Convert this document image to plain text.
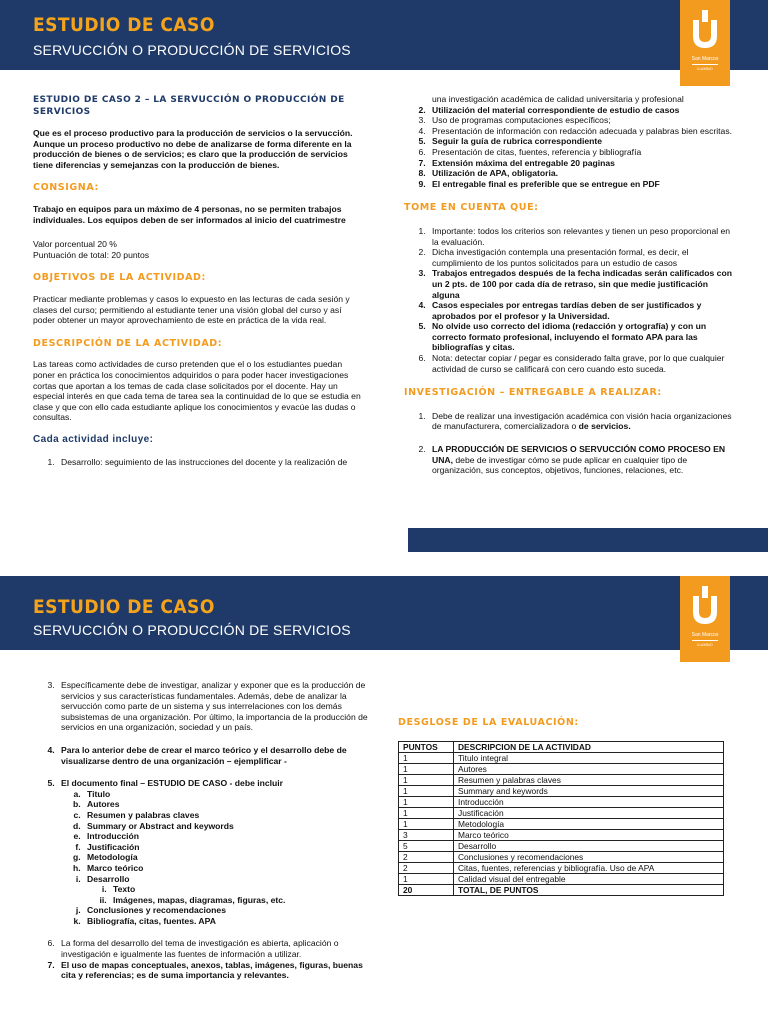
ESTUDIO DE CASO
SERVUCCIÓN O PRODUCCIÓN DE SERVICIOS
San Marcos
ILUMNO

ESTUDIO DE CASO 2 – LA SERVUCCIÓN O PRODUCCIÓN DE SERVICIOS

Que es el proceso productivo para la producción de servicios o la servucción. Aunque un proceso productivo no debe de analizarse de forma diferente en la producción de bienes o de servicios; es claro que la producción de servicios tiene diferencias y semejanzas con la producción de bienes.

CONSIGNA:

Trabajo en equipos para un máximo de 4 personas, no se permiten trabajos individuales. Los equipos deben de ser informados al inicio del cuatrimestre

Valor porcentual 20 %

Puntuación de total: 20 puntos

OBJETIVOS DE LA ACTIVIDAD:

Practicar mediante problemas y casos lo expuesto en las lecturas de cada sesión y clases del curso; permitiendo al estudiante tener una visión global del curso y así poder obtener un mayor aprovechamiento de este en práctica de la vida real.

DESCRIPCIÓN DE LA ACTIVIDAD:

Las tareas como actividades de curso pretenden que el o los estudiantes puedan poner en práctica los conocimientos adquiridos o para poder hacer investigaciones cortas que aportan a los temas de cada clase solicitados por el docente. Hay un especial interés en que cada tema de tarea sea la continuidad de lo que se estudia en clase y que con ello cada estudiante aplique los conocimientos y evacúe las dudas o consultas.

Cada actividad incluye:

1. Desarrollo: seguimiento de las instrucciones del docente y la realización de

una investigación académica de calidad universitaria y profesional

2. Utilización del material correspondiente de estudio de casos
3. Uso de programas computaciones específicos;
4. Presentación de información con redacción adecuada y palabras bien escritas.
5. Seguir la guía de rubrica correspondiente
6. Presentación de citas, fuentes, referencia y bibliografía
7. Extensión máxima del entregable 20 paginas
8. Utilización de APA, obligatoria.
9. El entregable final es preferible que se entregue en PDF

TOME EN CUENTA QUE:

1. Importante: todos los criterios son relevantes y tienen un peso proporcional en la evaluación.
2. Dicha investigación contempla una presentación formal, es decir, el cumplimiento de los puntos solicitados para un estudio de casos
3. Trabajos entregados después de la fecha indicadas serán calificados con un 2 pts. de 100 por cada día de retraso, sin que medie justificación alguna
4. Casos especiales por entregas tardías deben de ser justificados y aprobados por el profesor y la Universidad.
5. No olvide uso correcto del idioma (redacción y ortografía) y con un correcto formato profesional, incluyendo el formato APA para las bibliografías y citas.
6. Nota: detectar copiar / pegar es considerado falta grave, por lo que cualquier actividad de curso se calificará con cero cuando esto suceda.

INVESTIGACIÓN – ENTREGABLE A REALIZAR:

1. Debe de realizar una investigación académica con visión hacia organizaciones de manufacturera, comercializadora o de servicios.
2. LA PRODUCCIÓN DE SERVICIOS O SERVUCCIÓN COMO PROCESO EN UNA, debe de investigar cómo se pude aplicar en cualquier tipo de organización, sus conceptos, objetivos, funciones, relaciones, etc.
ESTUDIO DE CASO
SERVUCCIÓN O PRODUCCIÓN DE SERVICIOS	San Marcos
ILUMNO
3. Específicamente debe de investigar, analizar y exponer que es la producción de servicios y sus características fundamentales. Además, debe de analizar la servucción como parte de un sistema y sus interrelaciones con los demás subsistemas de una organización. Por último, la importancia de la producción de servicios en una organización, sociedad y un país.
4. Para lo anterior debe de crear el marco teórico y el desarrollo debe de visualizarse dentro de una organización – ejemplificar -
5. El documento final – ESTUDIO DE CASO - debe incluir
a. Titulo
b. Autores
c. Resumen y palabras claves
d. Summary or Abstract and keywords
e. Introducción
f. Justificación
g. Metodología
h. Marco teórico
i. Desarrollo
i. Texto
ii. Imágenes, mapas, diagramas, figuras, etc.
j. Conclusiones y recomendaciones
k. Bibliografía, citas, fuentes. APA
6. La forma del desarrollo del tema de investigación es abierta, aplicación o investigación e igualmente las fuentes de información a utilizar.
7. El uso de mapas conceptuales, anexos, tablas, imágenes, figuras, buenas cita y referencias; es de suma importancia y relevantes.

DESGLOSE DE LA EVALUACIÓN:

PUNTOS	DESCRIPCION DE LA ACTIVIDAD
1	Titulo integral
1	Autores
1	Resumen y palabras claves
1	Summary and keywords
1	Introducción
1	Justificación
1	Metodología
3	Marco teórico
5	Desarrollo
2	Conclusiones y recomendaciones
2	Citas, fuentes, referencias y bibliografía. Uso de APA
1	Calidad visual del entregable
20	TOTAL, DE PUNTOS
